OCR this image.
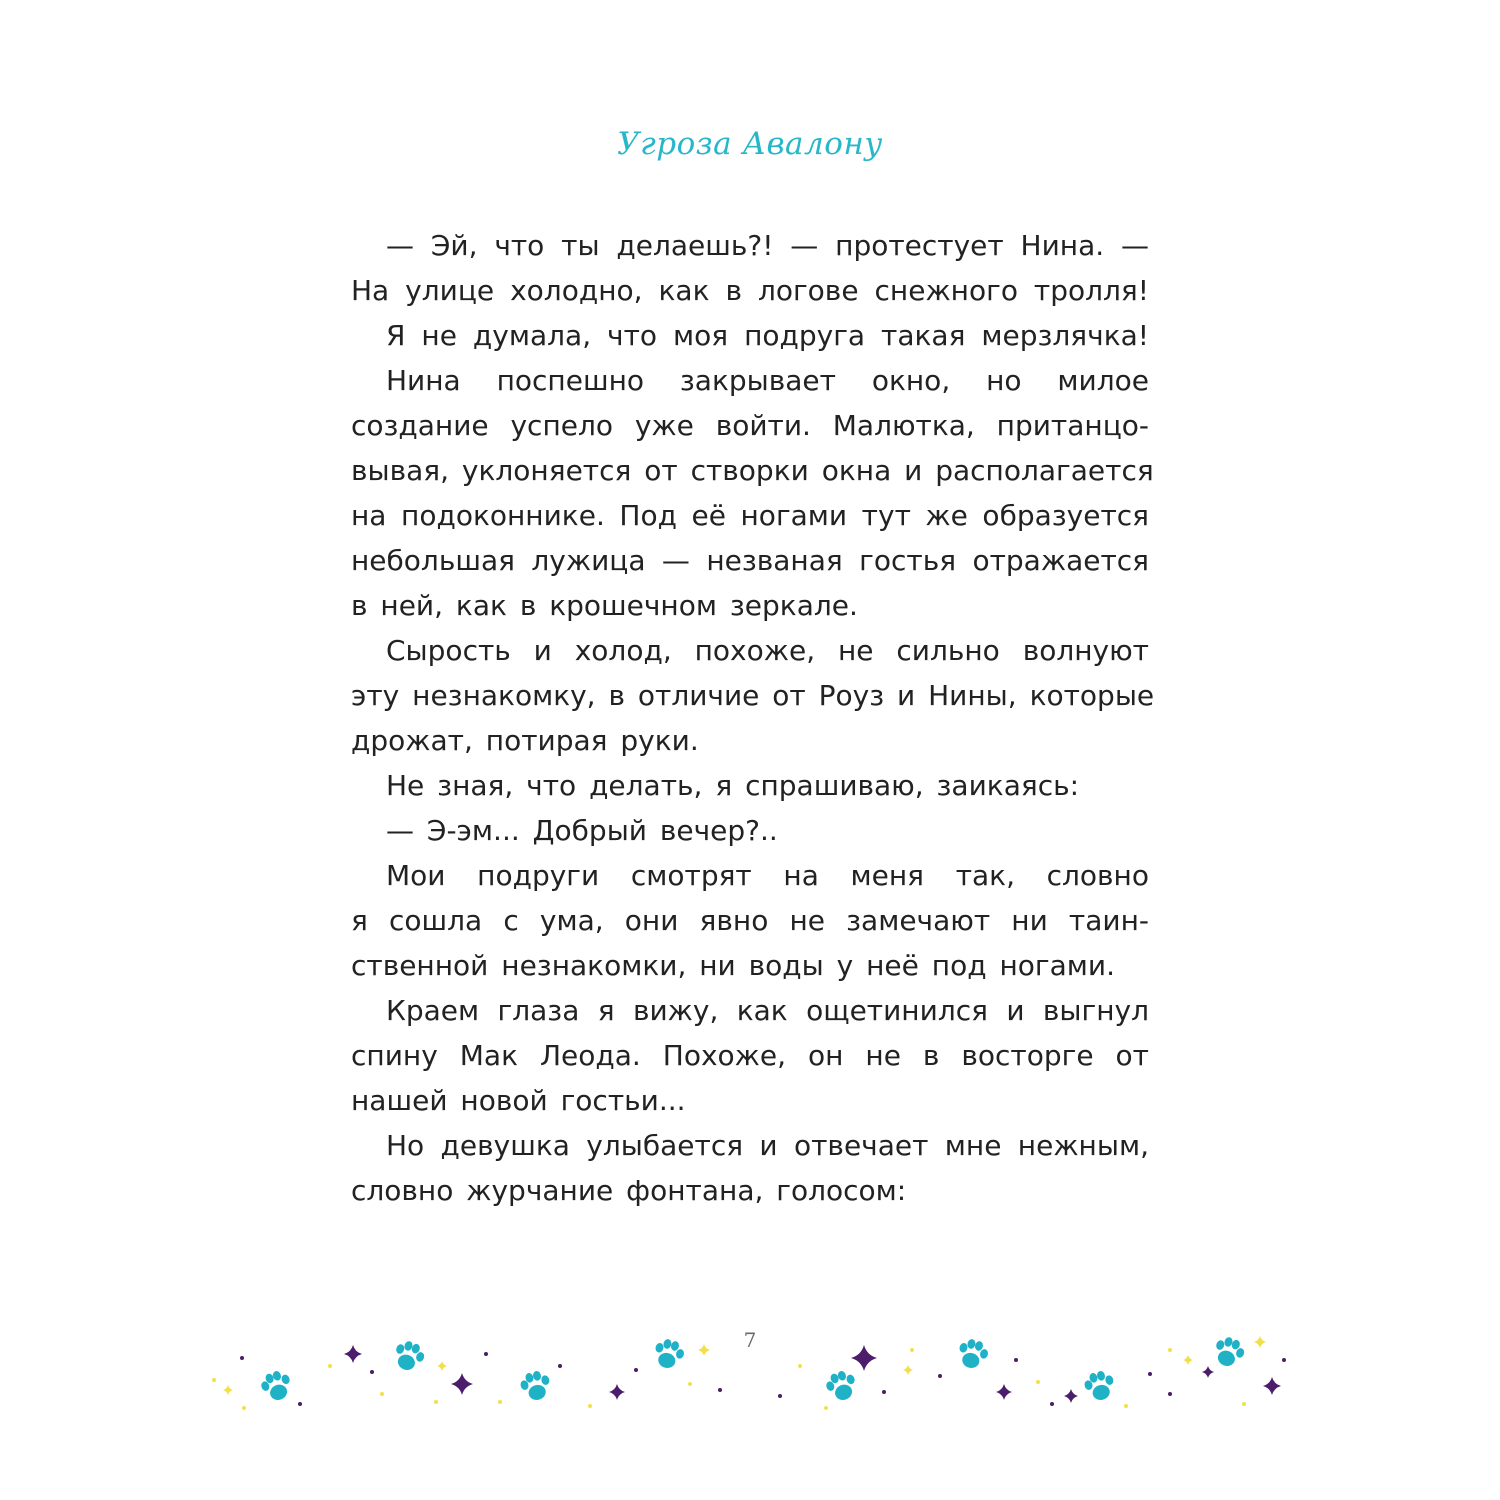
Угроза Авалону
— Эй, что ты делаешь?! — протестует Нина. —
На улице холодно, как в логове снежного тролля!
Я не думала, что моя подруга такая мерзлячка!
Нина поспешно закрывает окно, но милое
создание успело уже войти. Малютка, пританцо-
вывая, уклоняется от створки окна и располагается
на подоконнике. Под её ногами тут же образуется
небольшая лужица — незваная гостья отражается
в ней, как в крошечном зеркале.
Сырость и холод, похоже, не сильно волнуют
эту незнакомку, в отличие от Роуз и Нины, которые
дрожат, потирая руки.
Не зная, что делать, я спрашиваю, заикаясь:
— Э-эм... Добрый вечер?..
Мои подруги смотрят на меня так, словно
я сошла с ума, они явно не замечают ни таин-
ственной незнакомки, ни воды у неё под ногами.
Краем глаза я вижу, как ощетинился и выгнул
спину Мак Леода. Похоже, он не в восторге от
нашей новой гостьи...
Но девушка улыбается и отвечает мне нежным,
словно журчание фонтана, голосом:
7
